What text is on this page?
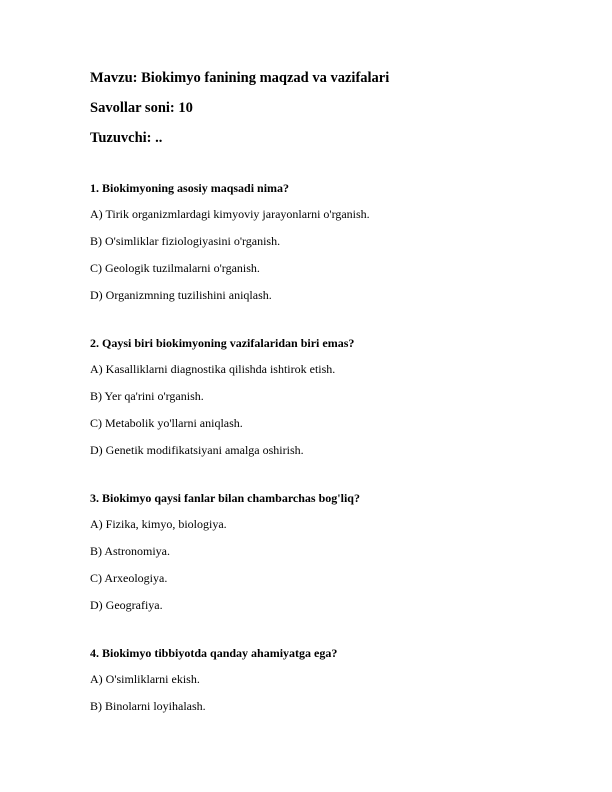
Mavzu: Biokimyo fanining maqzad va vazifalari
Savollar soni: 10
Tuzuvchi: ..
1. Biokimyoning asosiy maqsadi nima?
A) Tirik organizmlardagi kimyoviy jarayonlarni o'rganish.
B) O'simliklar fiziologiyasini o'rganish.
C) Geologik tuzilmalarni o'rganish.
D) Organizmning tuzilishini aniqlash.
2. Qaysi biri biokimyoning vazifalaridan biri emas?
A) Kasalliklarni diagnostika qilishda ishtirok etish.
B) Yer qa'rini o'rganish.
C) Metabolik yo'llarni aniqlash.
D) Genetik modifikatsiyani amalga oshirish.
3. Biokimyo qaysi fanlar bilan chambarchas bog'liq?
A) Fizika, kimyo, biologiya.
B) Astronomiya.
C) Arxeologiya.
D) Geografiya.
4. Biokimyo tibbiyotda qanday ahamiyatga ega?
A) O'simliklarni ekish.
B) Binolarni loyihalash.
